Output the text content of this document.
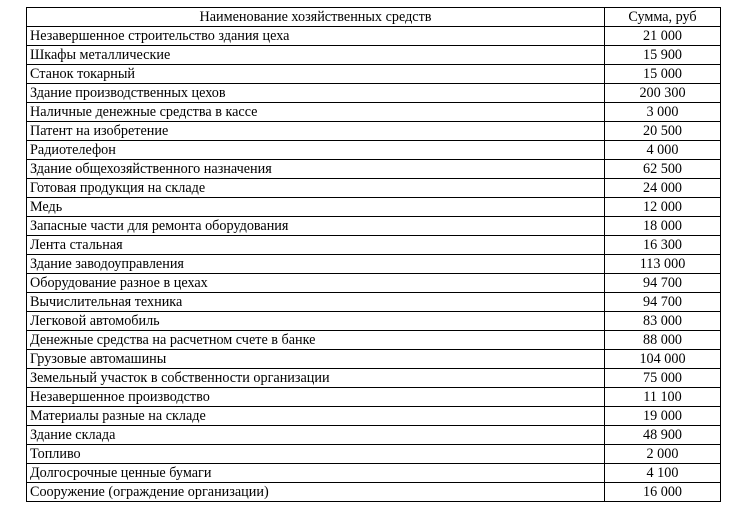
Наименование хозяйственных средств	Сумма, руб
Незавершенное строительство здания цеха	21 000
Шкафы металлические	15 900
Станок токарный	15 000
Здание производственных цехов	200 300
Наличные денежные средства в кассе	3 000
Патент на изобретение	20 500
Радиотелефон	4 000
Здание общехозяйственного назначения	62 500
Готовая продукция на складе	24 000
Медь	12 000
Запасные части для ремонта оборудования	18 000
Лента стальная	16 300
Здание заводоуправления	113 000
Оборудование разное в цехах	94 700
Вычислительная техника	94 700
Легковой автомобиль	83 000
Денежные средства на расчетном счете в банке	88 000
Грузовые автомашины	104 000
Земельный участок в собственности организации	75 000
Незавершенное производство	11 100
Материалы разные на складе	19 000
Здание склада	48 900
Топливо	2 000
Долгосрочные ценные бумаги	4 100
Сооружение (ограждение организации)	16 000
